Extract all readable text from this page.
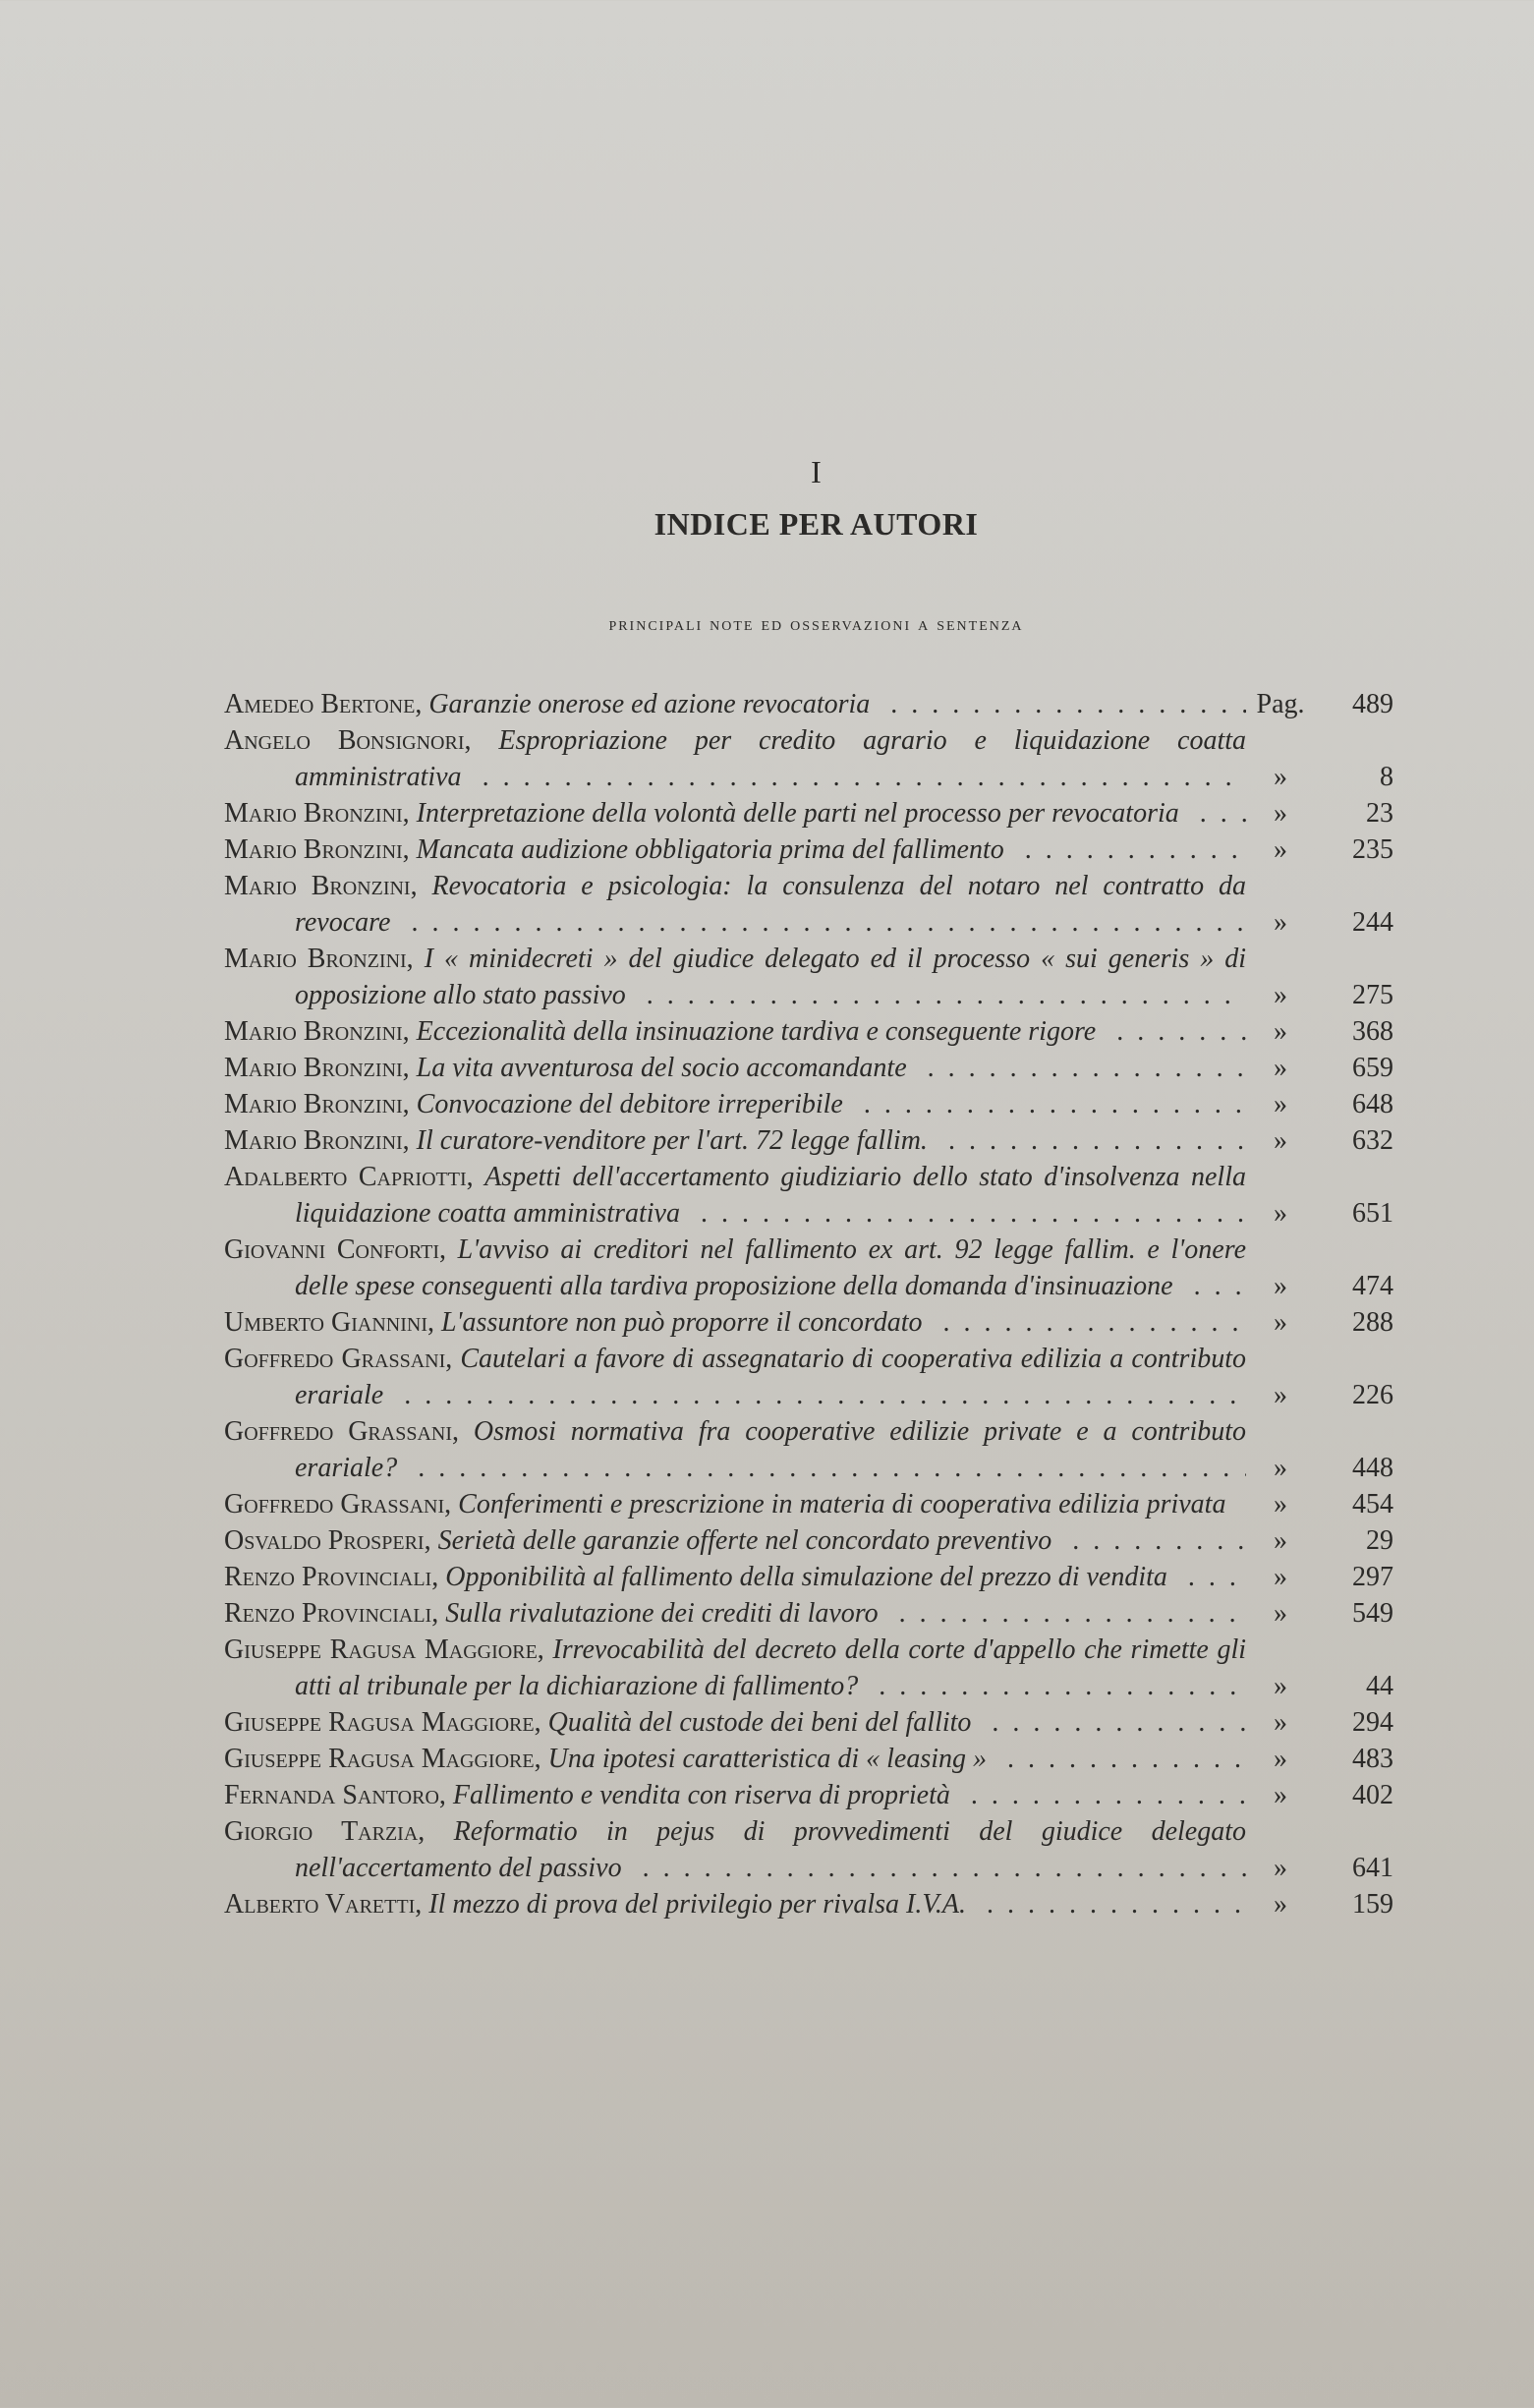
I
INDICE PER AUTORI
principali note ed osservazioni a sentenza
Amedeo Bertone, Garanzie onerose ed azione revocatoria	Pag.	489
Angelo Bonsignori, Espropriazione per credito agrario e liquidazione coatta amministrativa	»	8
Mario Bronzini, Interpretazione della volontà delle parti nel processo per revocatoria	»	23
Mario Bronzini, Mancata audizione obbligatoria prima del fallimento	»	235
Mario Bronzini, Revocatoria e psicologia: la consulenza del notaro nel contratto da revocare	»	244
Mario Bronzini, I « minidecreti » del giudice delegato ed il processo « sui generis » di opposizione allo stato passivo	»	275
Mario Bronzini, Eccezionalità della insinuazione tardiva e conseguente rigore	»	368
Mario Bronzini, La vita avventurosa del socio accomandante	»	659
Mario Bronzini, Convocazione del debitore irreperibile	»	648
Mario Bronzini, Il curatore-venditore per l'art. 72 legge fallim.	»	632
Adalberto Capriotti, Aspetti dell'accertamento giudiziario dello stato d'insolvenza nella liquidazione coatta amministrativa	»	651
Giovanni Conforti, L'avviso ai creditori nel fallimento ex art. 92 legge fallim. e l'onere delle spese conseguenti alla tardiva proposizione della domanda d'insinuazione	»	474
Umberto Giannini, L'assuntore non può proporre il concordato	»	288
Goffredo Grassani, Cautelari a favore di assegnatario di cooperativa edilizia a contributo erariale	»	226
Goffredo Grassani, Osmosi normativa fra cooperative edilizie private e a contributo erariale?	»	448
Goffredo Grassani, Conferimenti e prescrizione in materia di cooperativa edilizia privata	»	454
Osvaldo Prosperi, Serietà delle garanzie offerte nel concordato preventivo	»	29
Renzo Provinciali, Opponibilità al fallimento della simulazione del prezzo di vendita	»	297
Renzo Provinciali, Sulla rivalutazione dei crediti di lavoro	»	549
Giuseppe Ragusa Maggiore, Irrevocabilità del decreto della corte d'appello che rimette gli atti al tribunale per la dichiarazione di fallimento?	»	44
Giuseppe Ragusa Maggiore, Qualità del custode dei beni del fallito	»	294
Giuseppe Ragusa Maggiore, Una ipotesi caratteristica di « leasing »	»	483
Fernanda Santoro, Fallimento e vendita con riserva di proprietà	»	402
Giorgio Tarzia, Reformatio in pejus di provvedimenti del giudice delegato nell'accertamento del passivo	»	641
Alberto Varetti, Il mezzo di prova del privilegio per rivalsa I.V.A.	»	159
